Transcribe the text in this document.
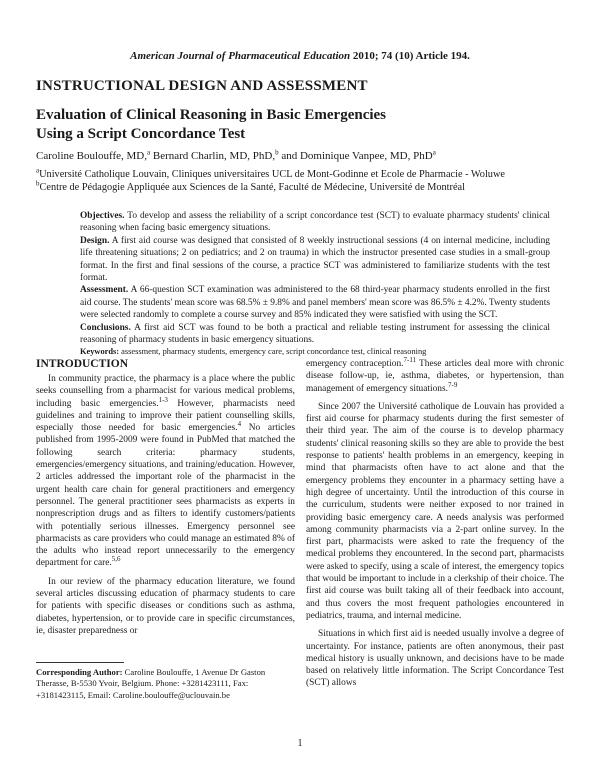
American Journal of Pharmaceutical Education 2010; 74 (10) Article 194.
INSTRUCTIONAL DESIGN AND ASSESSMENT
Evaluation of Clinical Reasoning in Basic Emergencies
Using a Script Concordance Test
Caroline Boulouffe, MD,$^a$ Bernard Charlin, MD, PhD,$^b$ and Dominique Vanpee, MD, PhD$^a$
$^a$Université Catholique Louvain, Cliniques universitaires UCL de Mont-Godinne et Ecole de Pharmacie - Woluwe
$^b$Centre de Pédagogie Appliquée aux Sciences de la Santé, Faculté de Médecine, Université de Montréal

Objectives. To develop and assess the reliability of a script concordance test (SCT) to evaluate pharmacy students' clinical reasoning when facing basic emergency situations.

Design. A first aid course was designed that consisted of 8 weekly instructional sessions (4 on internal medicine, including life threatening situations; 2 on pediatrics; and 2 on trauma) in which the instructor presented case studies in a small-group format. In the first and final sessions of the course, a practice SCT was administered to familiarize students with the test format.

Assessment. A 66-question SCT examination was administered to the 68 third-year pharmacy students enrolled in the first aid course. The students' mean score was 68.5% ± 9.8% and panel members' mean score was 86.5% ± 4.2%. Twenty students were selected randomly to complete a course survey and 85% indicated they were satisfied with using the SCT.

Conclusions. A first aid SCT was found to be both a practical and reliable testing instrument for assessing the clinical reasoning of pharmacy students in basic emergency situations.

Keywords: assessment, pharmacy students, emergency care, script concordance test, clinical reasoning

INTRODUCTION

In community practice, the pharmacy is a place where the public seeks counselling from a pharmacist for various medical problems, including basic emergencies.$^{1-3}$ However, pharmacists need guidelines and training to improve their patient counselling skills, especially those needed for basic emergencies.$^4$ No articles published from 1995-2009 were found in PubMed that matched the following search criteria: pharmacy students, emergencies/emergency situations, and training/education. However, 2 articles addressed the important role of the pharmacist in the urgent health care chain for general practitioners and emergency personnel. The general practitioner sees pharmacists as experts in nonprescription drugs and as filters to identify customers/patients with potentially serious illnesses. Emergency personnel see pharmacists as care providers who could manage an estimated 8% of the adults who instead report unnecessarily to the emergency department for care.$^{5,6}$

In our review of the pharmacy education literature, we found several articles discussing education of pharmacy students to care for patients with specific diseases or conditions such as asthma, diabetes, hypertension, or to provide care in specific circumstances, ie, disaster preparedness or

emergency contraception.$^{7-11}$ These articles deal more with chronic disease follow-up, ie, asthma, diabetes, or hypertension, than management of emergency situations.$^{7-9}$

Since 2007 the Université catholique de Louvain has provided a first aid course for pharmacy students during the first semester of their third year. The aim of the course is to develop pharmacy students' clinical reasoning skills so they are able to provide the best response to patients' health problems in an emergency, keeping in mind that pharmacists often have to act alone and that the emergency problems they encounter in a pharmacy setting have a high degree of uncertainty. Until the introduction of this course in the curriculum, students were neither exposed to nor trained in providing basic emergency care. A needs analysis was performed among community pharmacists via a 2-part online survey. In the first part, pharmacists were asked to rate the frequency of the medical problems they encountered. In the second part, pharmacists were asked to specify, using a scale of interest, the emergency topics that would be important to include in a clerkship of their choice. The first aid course was built taking all of their feedback into account, and thus covers the most frequent pathologies encountered in pediatrics, trauma, and internal medicine.

Situations in which first aid is needed usually involve a degree of uncertainty. For instance, patients are often anonymous, their past medical history is usually unknown, and decisions have to be made based on relatively little information. The Script Concordance Test (SCT) allows

Corresponding Author: Caroline Boulouffe, 1 Avenue Dr Gaston Therasse, B-5530 Yvoir, Belgium. Phone: +3281423111, Fax: +3181423115, Email: Caroline.boulouffe@uclouvain.be
1
